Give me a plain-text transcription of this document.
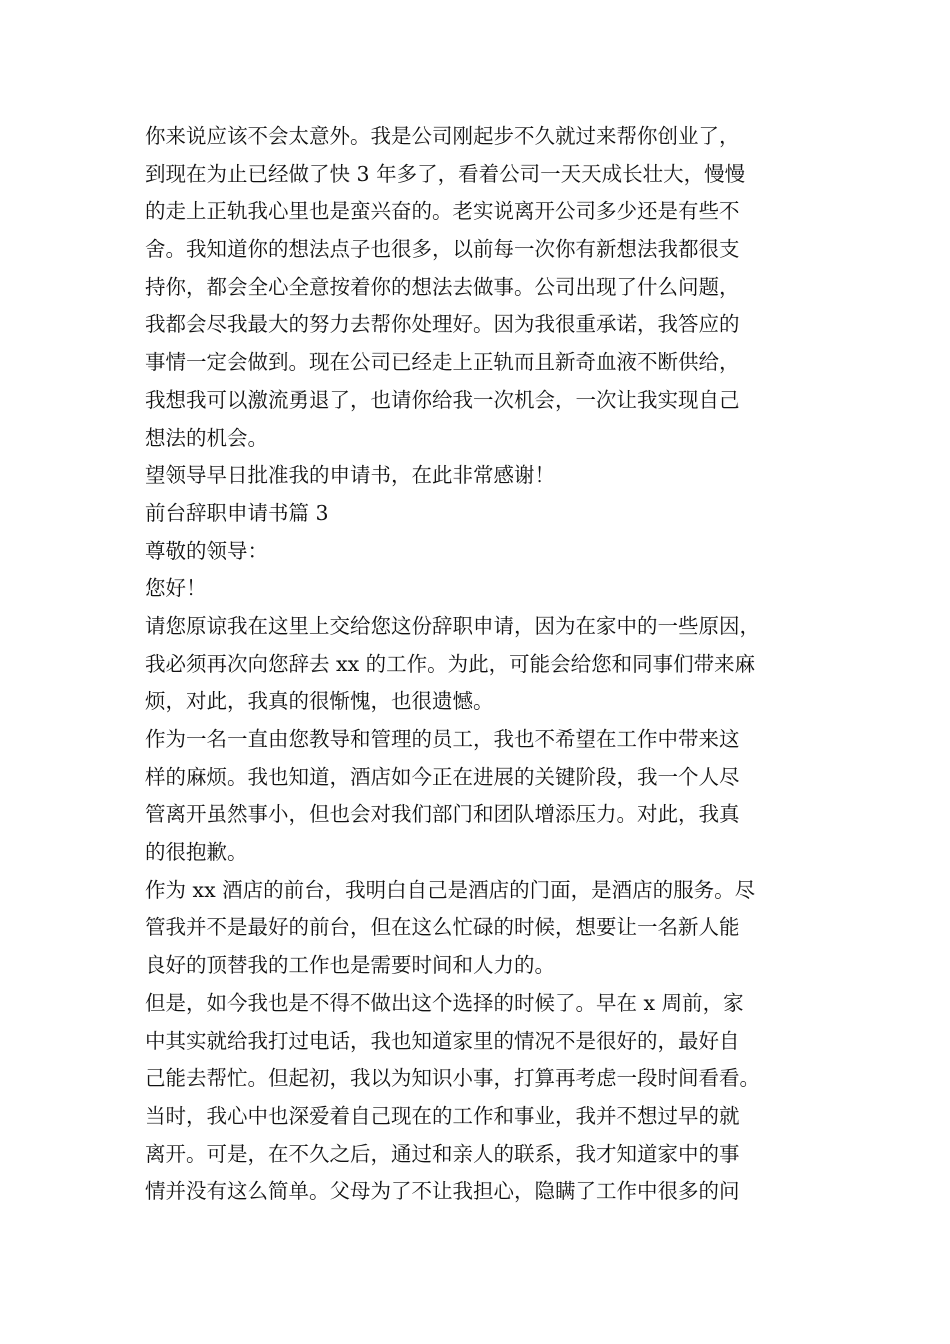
你来说应该不会太意外。我是公司刚起步不久就过来帮你创业了，
到现在为止已经做了快 3 年多了，看着公司一天天成长壮大，慢慢
的走上正轨我心里也是蛮兴奋的。老实说离开公司多少还是有些不
舍。我知道你的想法点子也很多，以前每一次你有新想法我都很支
持你，都会全心全意按着你的想法去做事。公司出现了什么问题，
我都会尽我最大的努力去帮你处理好。因为我很重承诺，我答应的
事情一定会做到。现在公司已经走上正轨而且新奇血液不断供给，
我想我可以激流勇退了，也请你给我一次机会，一次让我实现自己
想法的机会。
望领导早日批准我的申请书，在此非常感谢！
前台辞职申请书篇 3
尊敬的领导：
您好！
请您原谅我在这里上交给您这份辞职申请，因为在家中的一些原因，
我必须再次向您辞去 xx 的工作。为此，可能会给您和同事们带来麻
烦，对此，我真的很惭愧，也很遗憾。
作为一名一直由您教导和管理的员工，我也不希望在工作中带来这
样的麻烦。我也知道，酒店如今正在进展的关键阶段，我一个人尽
管离开虽然事小，但也会对我们部门和团队增添压力。对此，我真
的很抱歉。
作为 xx 酒店的前台，我明白自己是酒店的门面，是酒店的服务。尽
管我并不是最好的前台，但在这么忙碌的时候，想要让一名新人能
良好的顶替我的工作也是需要时间和人力的。
但是，如今我也是不得不做出这个选择的时候了。早在 x 周前，家
中其实就给我打过电话，我也知道家里的情况不是很好的，最好自
己能去帮忙。但起初，我以为知识小事，打算再考虑一段时间看看。
当时，我心中也深爱着自己现在的工作和事业，我并不想过早的就
离开。可是，在不久之后，通过和亲人的联系，我才知道家中的事
情并没有这么简单。父母为了不让我担心，隐瞒了工作中很多的问
